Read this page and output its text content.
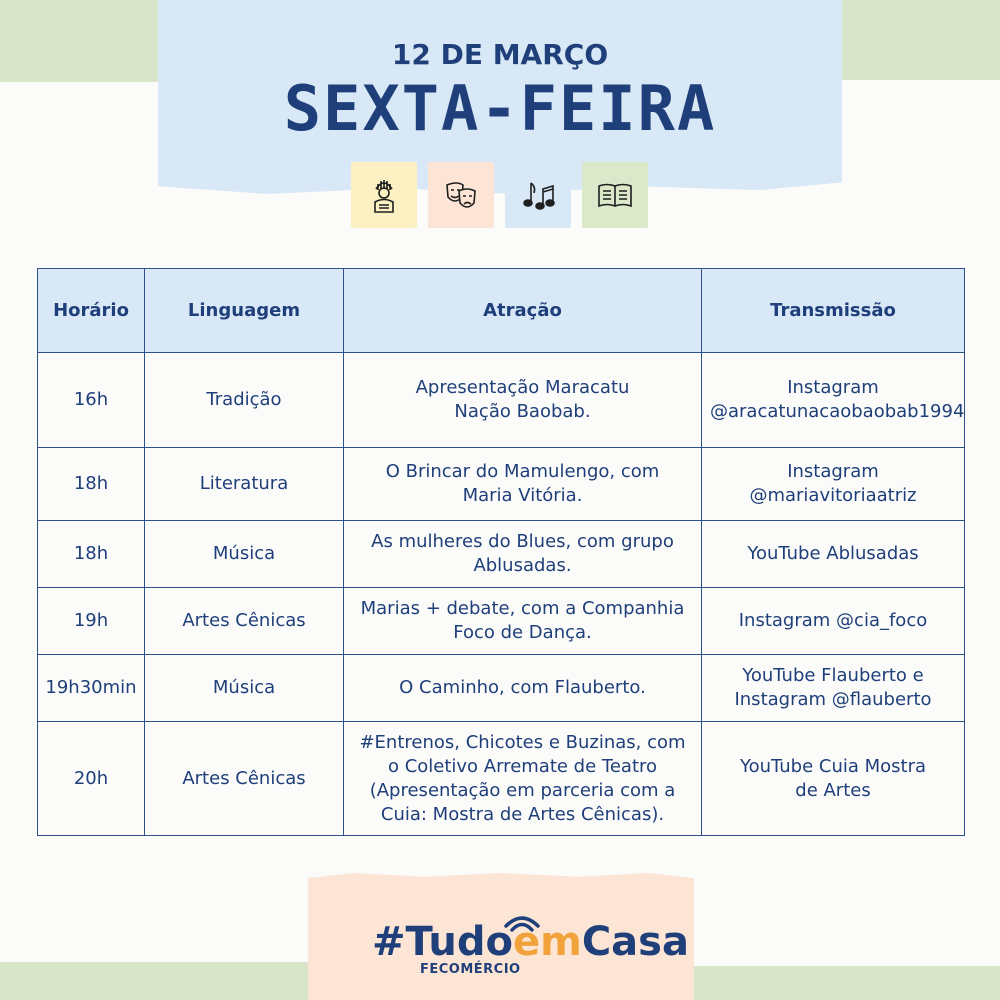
12 DE MARÇO
SEXTA-FEIRA
Horário	Linguagem	Atração	Transmissão
16h	Tradição	Apresentação Maracatu Nação Baobab.	Instagram @aracatunacaobaobab1994
18h	Literatura	O Brincar do Mamulengo, com Maria Vitória.	Instagram @mariavitoriaatriz
18h	Música	As mulheres do Blues, com grupo Ablusadas.	YouTube Ablusadas
19h	Artes Cênicas	Marias + debate, com a Companhia Foco de Dança.	Instagram @cia_foco
19h30min	Música	O Caminho, com Flauberto.	YouTube Flauberto e Instagram @flauberto
20h	Artes Cênicas	#Entrenos, Chicotes e Buzinas, com o Coletivo Arremate de Teatro (Apresentação em parceria com a Cuia: Mostra de Artes Cênicas).	YouTube Cuia Mostra de Artes
#TudoemCasa
FECOMÉRCIO
